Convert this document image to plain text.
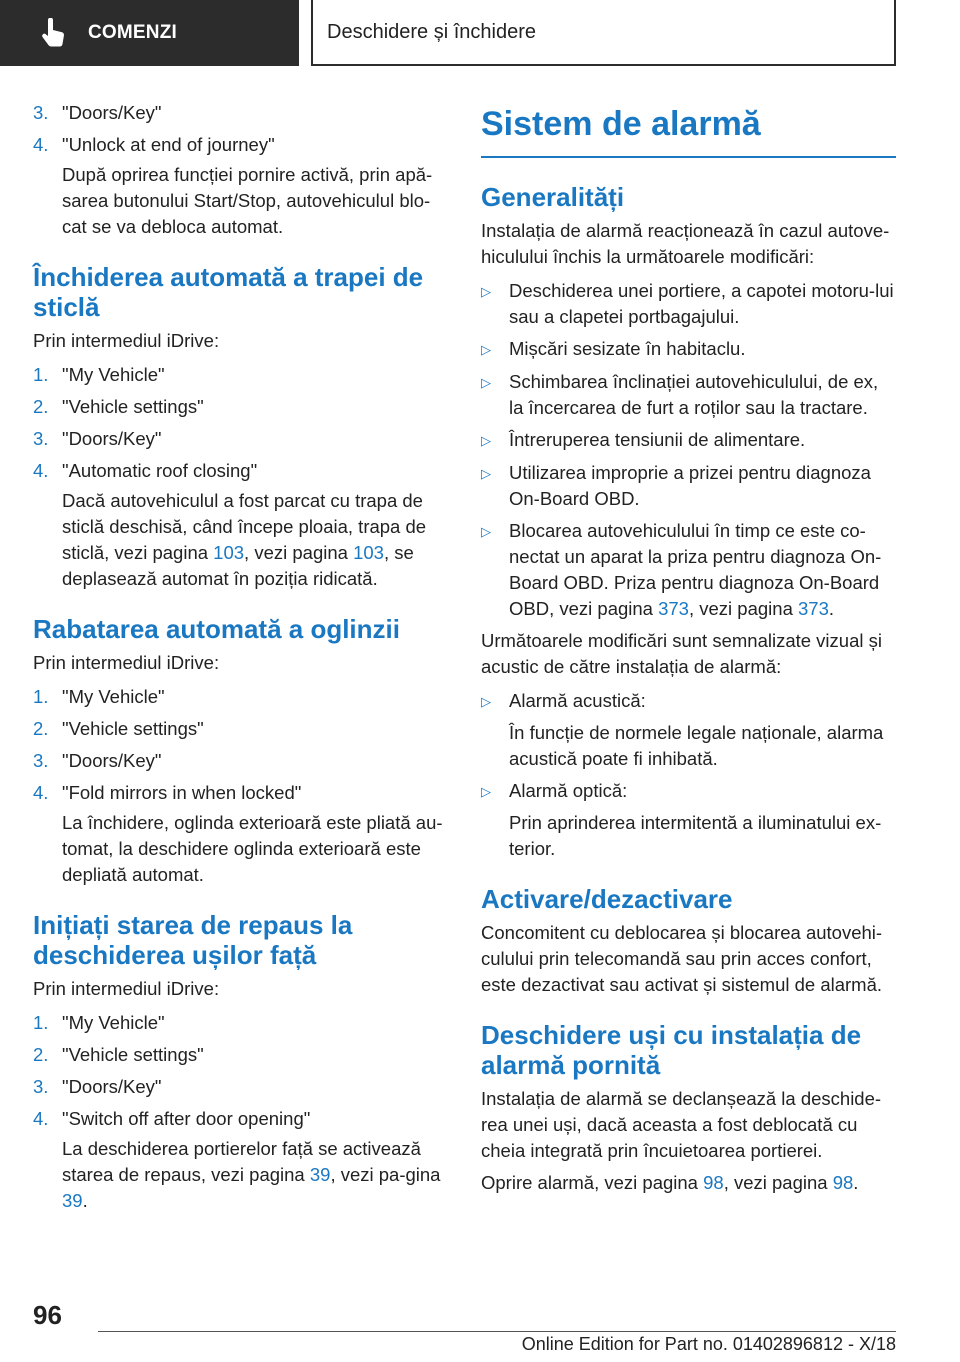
COMENZI	Deschidere și închidere
3. "Doors/Key"
4. "Unlock at end of journey"
După oprirea funcției pornire activă, prin apă-sarea butonului Start/Stop, autovehiculul blo-cat se va debloca automat.
Închiderea automată a trapei de sticlă
Prin intermediul iDrive:
1. "My Vehicle"
2. "Vehicle settings"
3. "Doors/Key"
4. "Automatic roof closing"
Dacă autovehiculul a fost parcat cu trapa de sticlă deschisă, când începe ploaia, trapa de sticlă, vezi pagina 103, vezi pagina 103, se deplasează automat în poziția ridicată.
Rabatarea automată a oglinzii
Prin intermediul iDrive:
1. "My Vehicle"
2. "Vehicle settings"
3. "Doors/Key"
4. "Fold mirrors in when locked"
La închidere, oglinda exterioară este pliată au-tomat, la deschidere oglinda exterioară este depliată automat.
Inițiați starea de repaus la deschiderea ușilor față
Prin intermediul iDrive:
1. "My Vehicle"
2. "Vehicle settings"
3. "Doors/Key"
4. "Switch off after door opening"
La deschiderea portierelor față se activează starea de repaus, vezi pagina 39, vezi pa-gina 39.
Sistem de alarmă
Generalități
Instalația de alarmă reacționează în cazul autove-hiculului închis la următoarele modificări:
▷ Deschiderea unei portiere, a capotei motoru-lui sau a clapetei portbagajului.
▷ Mișcări sesizate în habitaclu.
▷ Schimbarea înclinației autovehiculului, de ex, la încercarea de furt a roților sau la tractare.
▷ Întreruperea tensiunii de alimentare.
▷ Utilizarea improprie a prizei pentru diagnoza On-Board OBD.
▷ Blocarea autovehiculului în timp ce este co-nectat un aparat la priza pentru diagnoza On-Board OBD. Priza pentru diagnoza On-Board OBD, vezi pagina 373, vezi pagina 373.
Următoarele modificări sunt semnalizate vizual și acustic de către instalația de alarmă:
▷ Alarmă acustică:
În funcție de normele legale naționale, alarma acustică poate fi inhibată.
▷ Alarmă optică:
Prin aprinderea intermitentă a iluminatului ex-terior.
Activare/dezactivare
Concomitent cu deblocarea și blocarea autovehi-culului prin telecomandă sau prin acces confort, este dezactivat sau activat și sistemul de alarmă.
Deschidere uși cu instalația de alarmă pornită
Instalația de alarmă se declanșează la deschide-rea unei uși, dacă aceasta a fost deblocată cu cheia integrată prin încuietoarea portierei.
Oprire alarmă, vezi pagina 98, vezi pagina 98.
96
Online Edition for Part no. 01402896812 - X/18
